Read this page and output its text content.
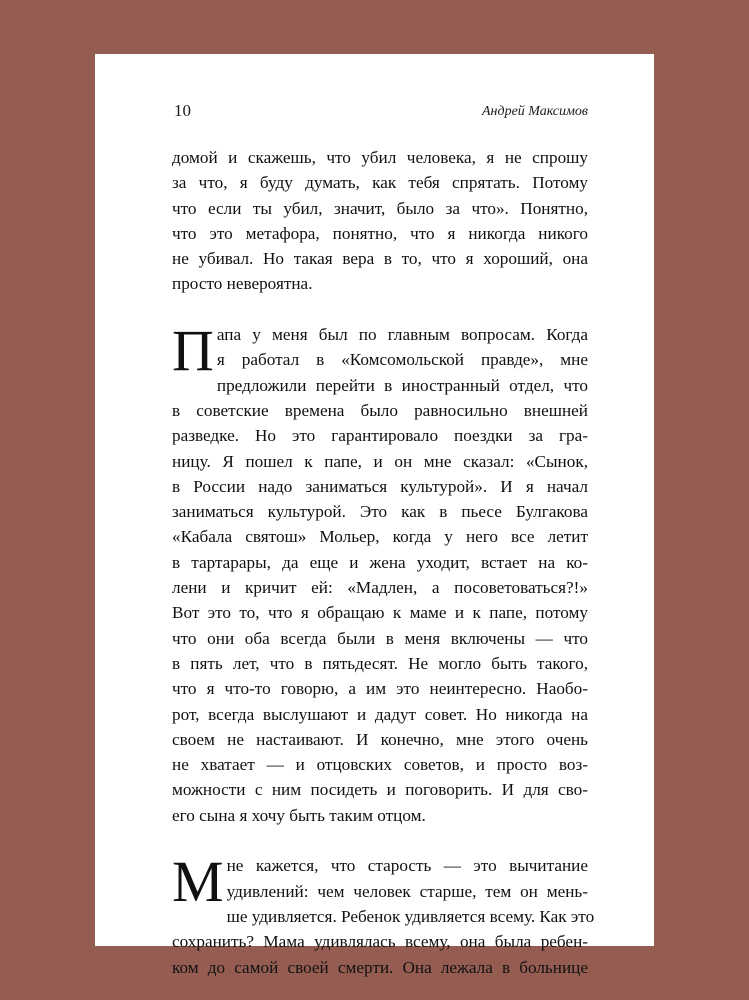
10	Андрей Максимов

домой и скажешь, что убил человека, я не спрошу
за что, я буду думать, как тебя спрятать. Потому
что если ты убил, значит, было за что». Понятно,
что это метафора, понятно, что я никогда никого
не убивал. Но такая вера в то, что я хороший, она
просто невероятна.

П апа у меня был по главным вопросам. Когда
я работал в «Комсомольской правде», мне
предложили перейти в иностранный отдел, что
в советские времена было равносильно внешней
разведке. Но это гарантировало поездки за гра-
ницу. Я пошел к папе, и он мне сказал: «Сынок,
в России надо заниматься культурой». И я начал
заниматься культурой. Это как в пьесе Булгакова
«Кабала святош» Мольер, когда у него все летит
в тартарары, да еще и жена уходит, встает на ко-
лени и кричит ей: «Мадлен, а посоветоваться?!»
Вот это то, что я обращаю к маме и к папе, потому
что они оба всегда были в меня включены — что
в пять лет, что в пятьдесят. Не могло быть такого,
что я что-то говорю, а им это неинтересно. Наобо-
рот, всегда выслушают и дадут совет. Но никогда на
своем не настаивают. И конечно, мне этого очень
не хватает — и отцовских советов, и просто воз-
можности с ним посидеть и поговорить. И для сво-
его сына я хочу быть таким отцом.

М не кажется, что старость — это вычитание
удивлений: чем человек старше, тем он мень-
ше удивляется. Ребенок удивляется всему. Как это
сохранить? Мама удивлялась всему, она была ребен-
ком до самой своей смерти. Она лежала в больнице
